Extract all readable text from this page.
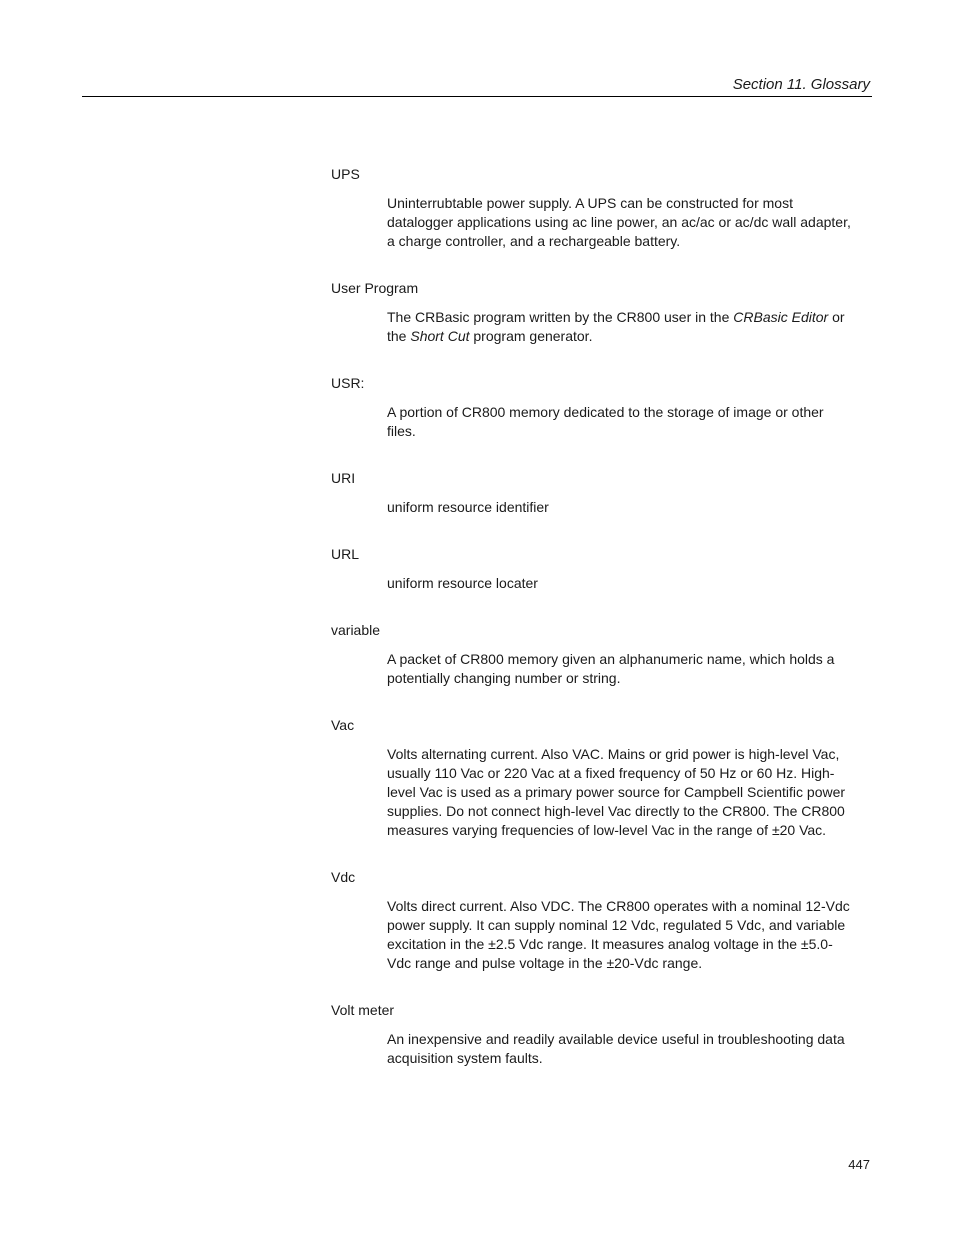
Section 11. Glossary
UPS
Uninterrubtable power supply. A UPS can be constructed for most datalogger applications using ac line power, an ac/ac or ac/dc wall adapter, a charge controller, and a rechargeable battery.
User Program
The CRBasic program written by the CR800 user in the CRBasic Editor or the Short Cut program generator.
USR:
A portion of CR800 memory dedicated to the storage of image or other files.
URI
uniform resource identifier
URL
uniform resource locater
variable
A packet of CR800 memory given an alphanumeric name, which holds a potentially changing number or string.
Vac
Volts alternating current. Also VAC. Mains or grid power is high-level Vac, usually 110 Vac or 220 Vac at a fixed frequency of 50 Hz or 60 Hz. High-level Vac is used as a primary power source for Campbell Scientific power supplies. Do not connect high-level Vac directly to the CR800. The CR800 measures varying frequencies of low-level Vac in the range of ±20 Vac.
Vdc
Volts direct current. Also VDC. The CR800 operates with a nominal 12-Vdc power supply. It can supply nominal 12 Vdc, regulated 5 Vdc, and variable excitation in the ±2.5 Vdc range. It measures analog voltage in the ±5.0-Vdc range and pulse voltage in the ±20-Vdc range.
Volt meter
An inexpensive and readily available device useful in troubleshooting data acquisition system faults.
447
